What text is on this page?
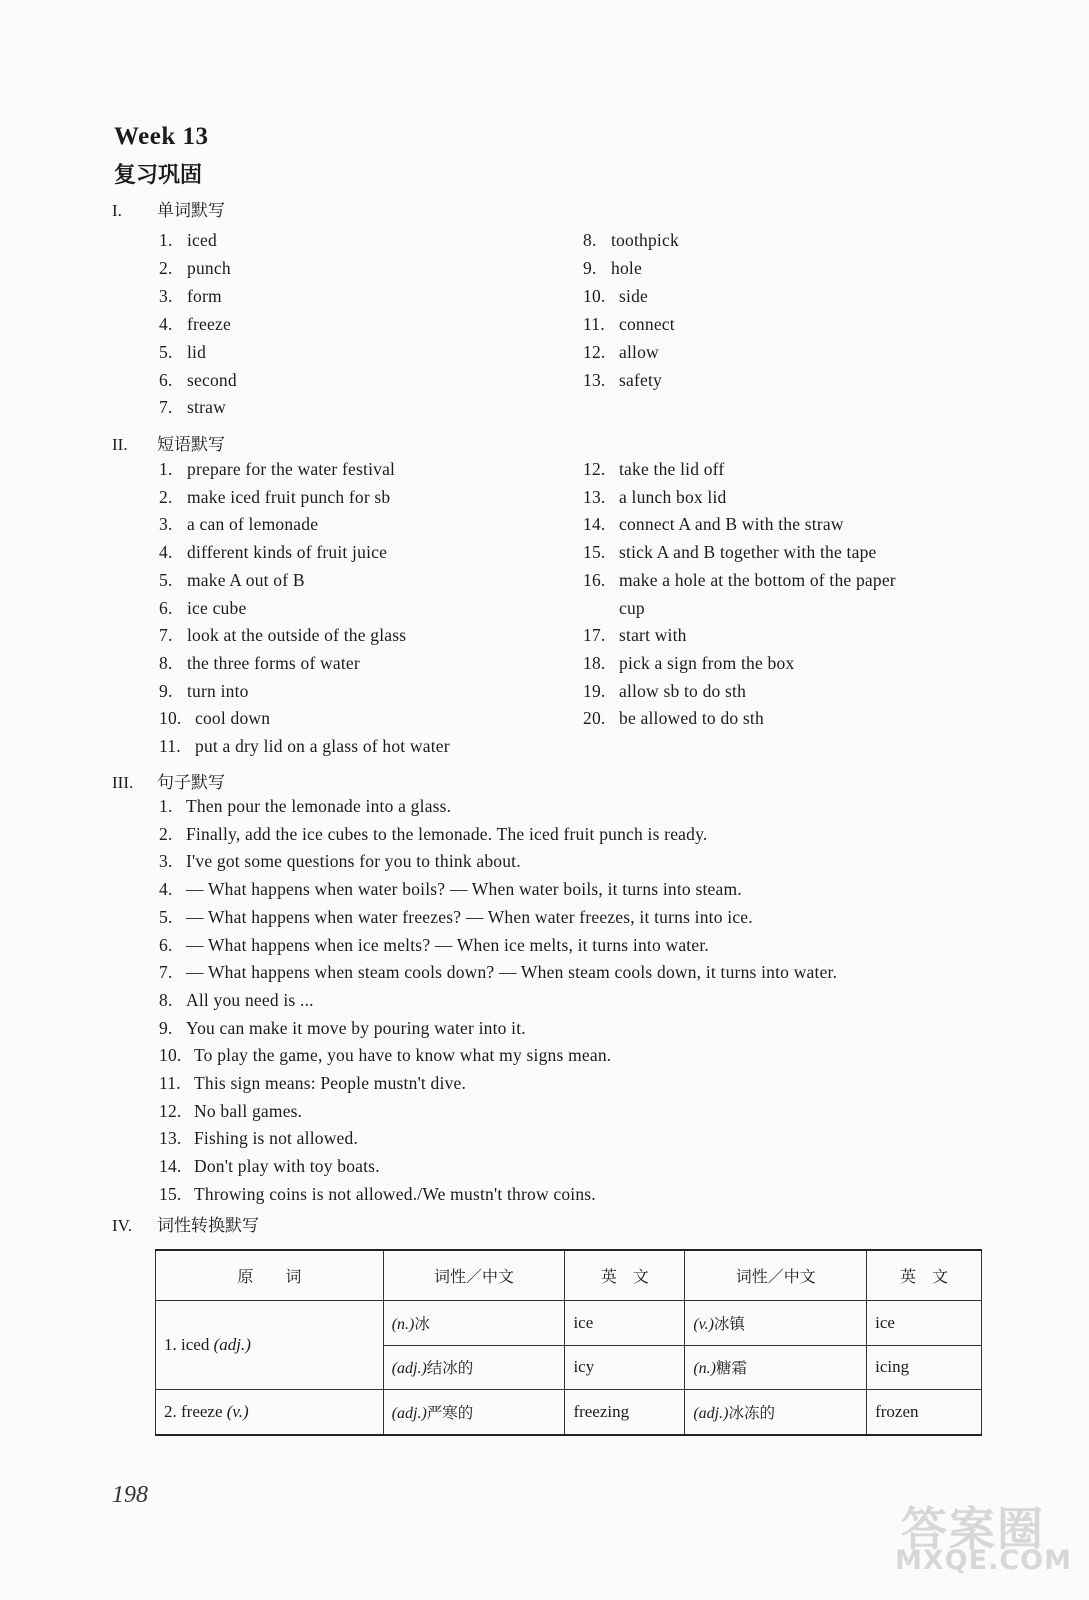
Week 13
复习巩固
I. 单词默写
1. iced
2. punch
3. form
4. freeze
5. lid
6. second
7. straw
8. toothpick
9. hole
10. side
11. connect
12. allow
13. safety
II. 短语默写
1. prepare for the water festival
2. make iced fruit punch for sb
3. a can of lemonade
4. different kinds of fruit juice
5. make A out of B
6. ice cube
7. look at the outside of the glass
8. the three forms of water
9. turn into
10. cool down
11. put a dry lid on a glass of hot water
12. take the lid off
13. a lunch box lid
14. connect A and B with the straw
15. stick A and B together with the tape
16. make a hole at the bottom of the paper
cup
17. start with
18. pick a sign from the box
19. allow sb to do sth
20. be allowed to do sth
III. 句子默写
1. Then pour the lemonade into a glass.
2. Finally, add the ice cubes to the lemonade. The iced fruit punch is ready.
3. I've got some questions for you to think about.
4. — What happens when water boils? — When water boils, it turns into steam.
5. — What happens when water freezes? — When water freezes, it turns into ice.
6. — What happens when ice melts? — When ice melts, it turns into water.
7. — What happens when steam cools down? — When steam cools down, it turns into water.
8. All you need is ...
9. You can make it move by pouring water into it.
10. To play the game, you have to know what my signs mean.
11. This sign means: People mustn't dive.
12. No ball games.
13. Fishing is not allowed.
14. Don't play with toy boats.
15. Throwing coins is not allowed./We mustn't throw coins.
IV. 词性转换默写
原　　词	词性／中文	英　文	词性／中文	英　文
1. iced (adj.)	(n.)冰	ice	(v.)冰镇	ice
	(adj.)结冰的	icy	(n.)糖霜	icing
2. freeze (v.)	(adj.)严寒的	freezing	(adj.)冰冻的	frozen
198
答案圈
MXQE.COM
